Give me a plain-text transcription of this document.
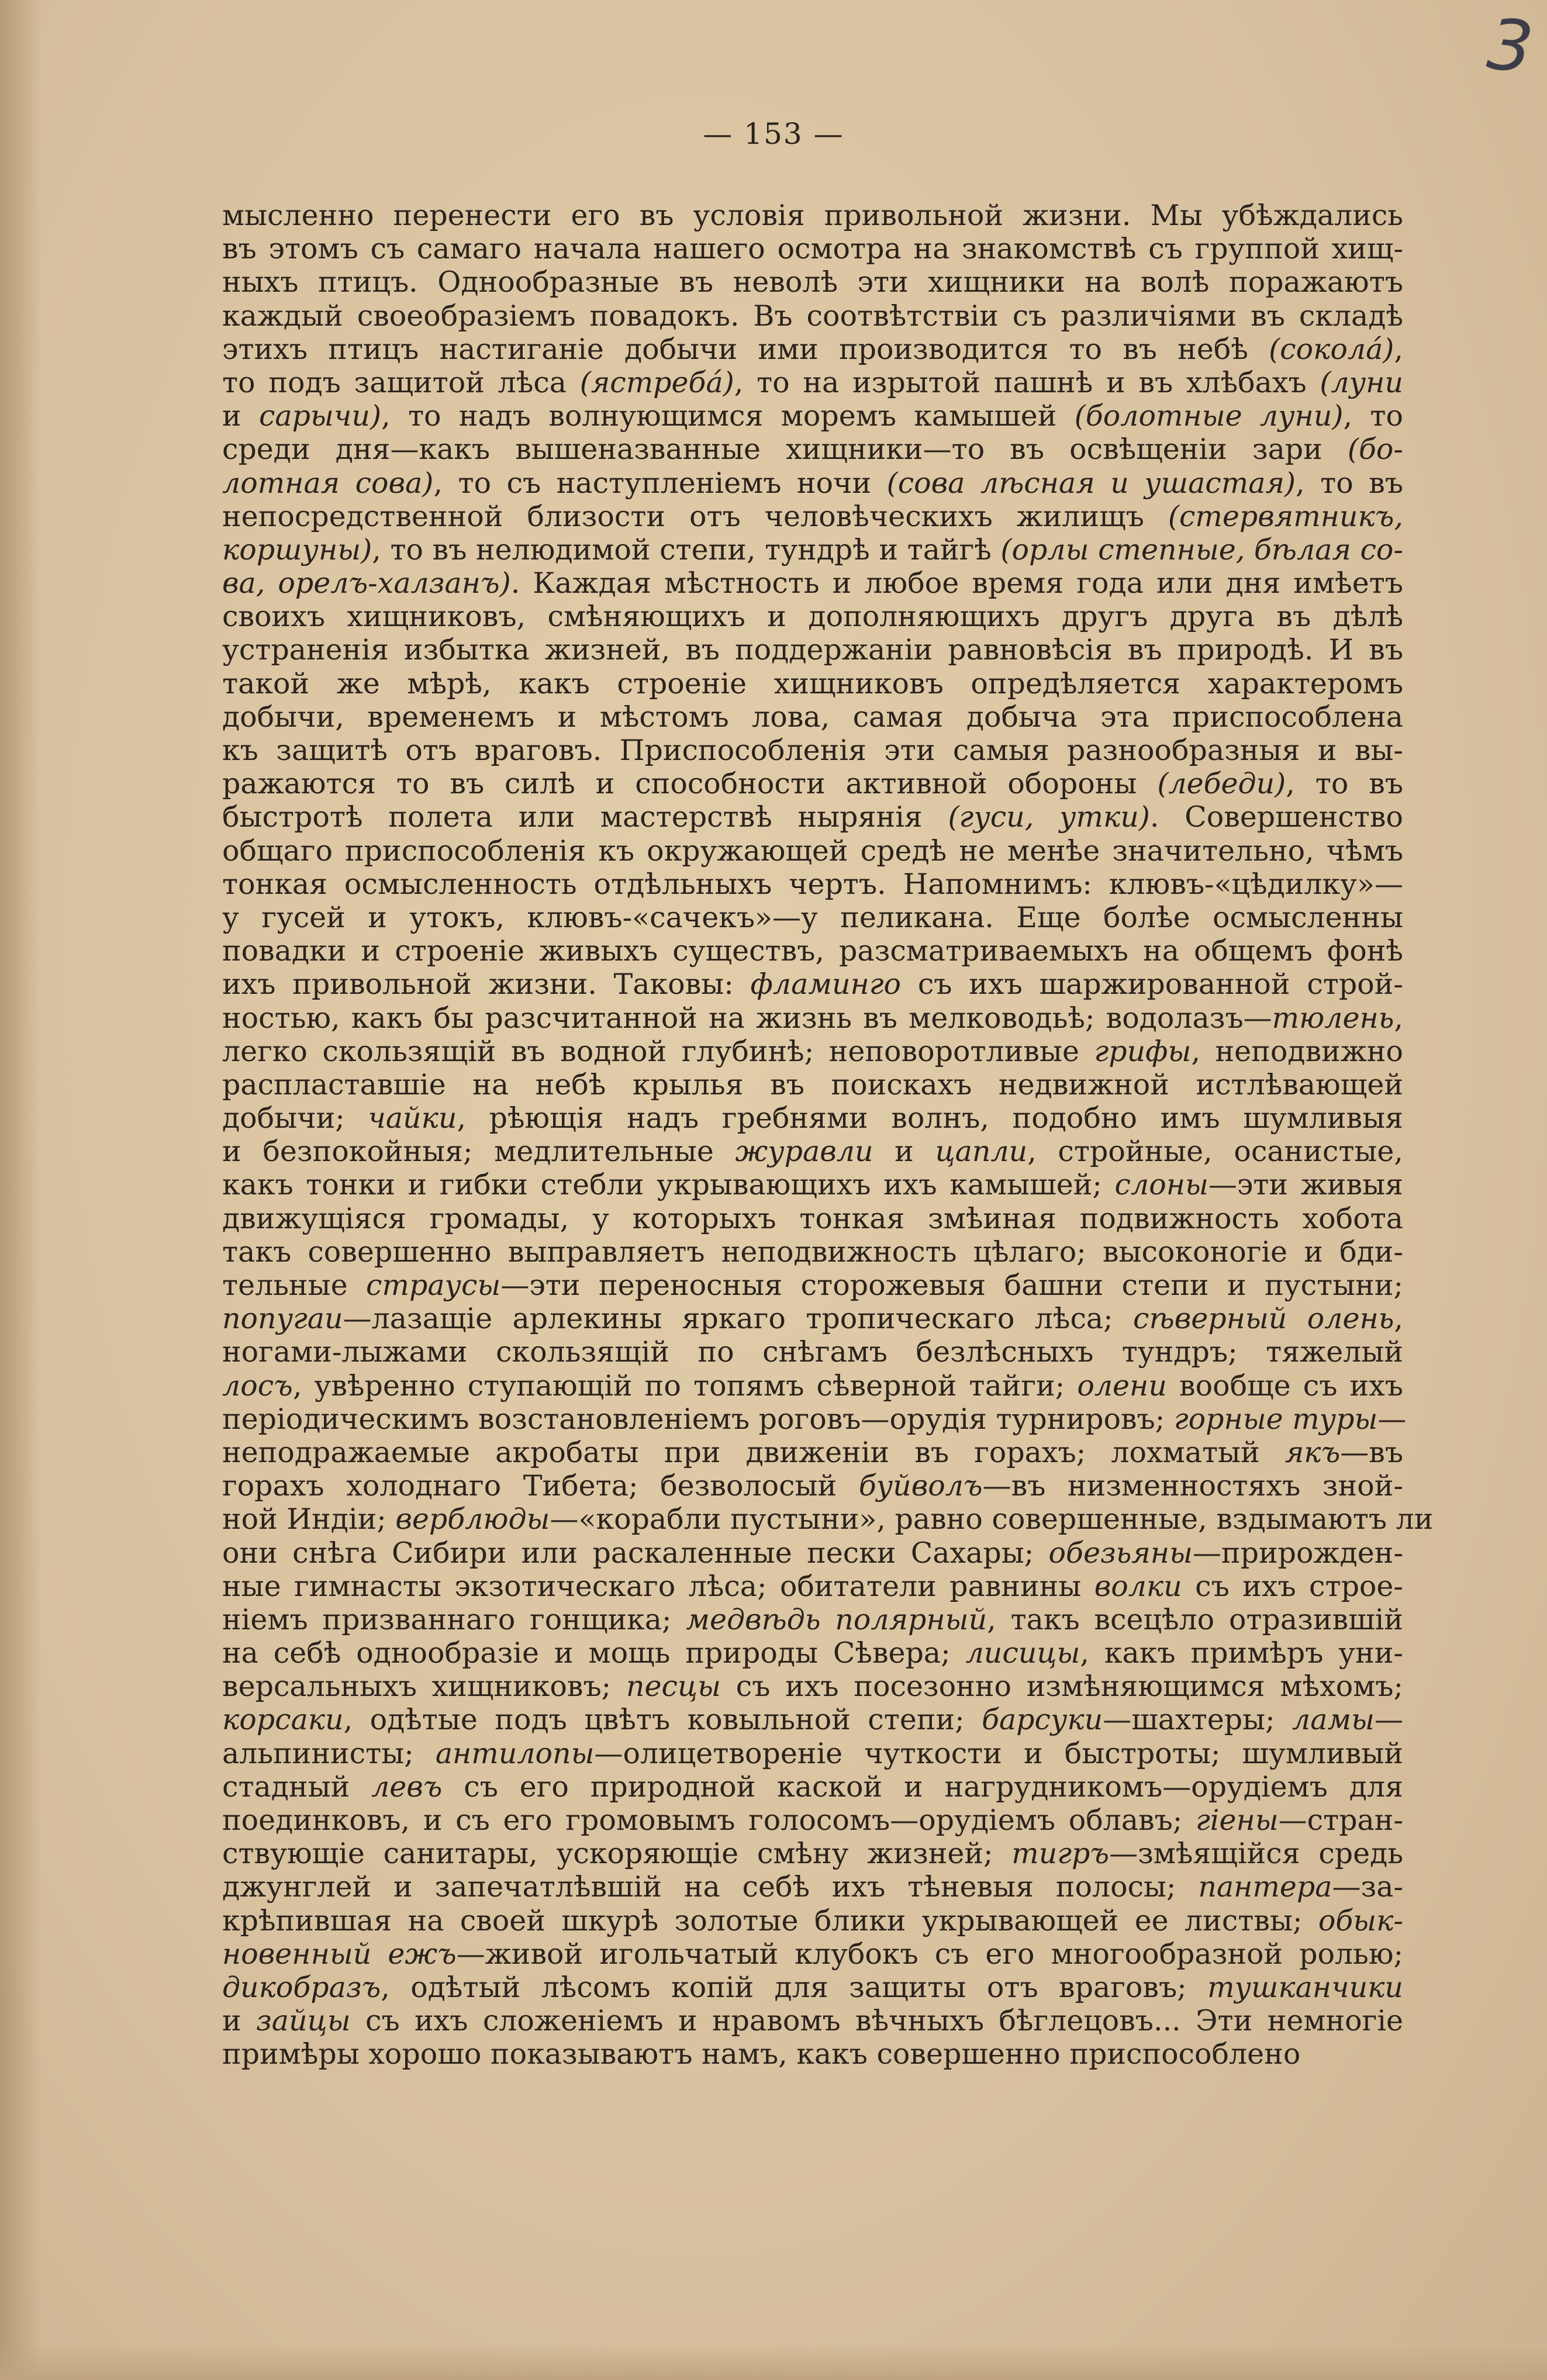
3
— 153 —
мысленно перенести его въ условія привольной жизни. Мы убѣждались
въ этомъ съ самаго начала нашего осмотра на знакомствѣ съ группой хищ-
ныхъ птицъ. Однообразные въ неволѣ эти хищники на волѣ поражаютъ
каждый своеобразіемъ повадокъ. Въ соотвѣтствіи съ различіями въ складѣ
этихъ птицъ настиганіе добычи ими производится то въ небѣ (соколá),
то подъ защитой лѣса (ястребá), то на изрытой пашнѣ и въ хлѣбахъ (луни
и сарычи), то надъ волнующимся моремъ камышей (болотные луни), то
среди дня—какъ вышеназванные хищники—то въ освѣщеніи зари (бо-
лотная сова), то съ наступленіемъ ночи (сова лѣсная и ушастая), то въ
непосредственной близости отъ человѣческихъ жилищъ (стервятникъ,
коршуны), то въ нелюдимой степи, тундрѣ и тайгѣ (орлы степные, бѣлая со-
ва, орелъ-халзанъ). Каждая мѣстность и любое время года или дня имѣетъ
своихъ хищниковъ, смѣняющихъ и дополняющихъ другъ друга въ дѣлѣ
устраненія избытка жизней, въ поддержаніи равновѣсія въ природѣ. И въ
такой же мѣрѣ, какъ строеніе хищниковъ опредѣляется характеромъ
добычи, временемъ и мѣстомъ лова, самая добыча эта приспособлена
къ защитѣ отъ враговъ. Приспособленія эти самыя разнообразныя и вы-
ражаются то въ силѣ и способности активной обороны (лебеди), то въ
быстротѣ полета или мастерствѣ нырянія (гуси, утки). Совершенство
общаго приспособленія къ окружающей средѣ не менѣе значительно, чѣмъ
тонкая осмысленность отдѣльныхъ чертъ. Напомнимъ: клювъ-«цѣдилку»—
у гусей и утокъ, клювъ-«сачекъ»—у пеликана. Еще болѣе осмысленны
повадки и строеніе живыхъ существъ, разсматриваемыхъ на общемъ фонѣ
ихъ привольной жизни. Таковы: фламинго съ ихъ шаржированной строй-
ностью, какъ бы разсчитанной на жизнь въ мелководьѣ; водолазъ—тюлень,
легко скользящій въ водной глубинѣ; неповоротливые грифы, неподвижно
распластавшіе на небѣ крылья въ поискахъ недвижной истлѣвающей
добычи; чайки, рѣющія надъ гребнями волнъ, подобно имъ шумливыя
и безпокойныя; медлительные журавли и цапли, стройные, осанистые,
какъ тонки и гибки стебли укрывающихъ ихъ камышей; слоны—эти живыя
движущіяся громады, у которыхъ тонкая змѣиная подвижность хобота
такъ совершенно выправляетъ неподвижность цѣлаго; высоконогіе и бди-
тельные страусы—эти переносныя сторожевыя башни степи и пустыни;
попугаи—лазащіе арлекины яркаго тропическаго лѣса; сѣверный олень,
ногами-лыжами скользящій по снѣгамъ безлѣсныхъ тундръ; тяжелый
лосъ, увѣренно ступающій по топямъ сѣверной тайги; олени вообще съ ихъ
періодическимъ возстановленіемъ роговъ—орудія турнировъ; горные туры—
неподражаемые акробаты при движеніи въ горахъ; лохматый якъ—въ
горахъ холоднаго Тибета; безволосый буйволъ—въ низменностяхъ зной-
ной Индіи; верблюды—«корабли пустыни», равно совершенные, вздымаютъ ли
они снѣга Сибири или раскаленные пески Сахары; обезьяны—прирожден-
ные гимнасты экзотическаго лѣса; обитатели равнины волки съ ихъ строе-
ніемъ призваннаго гонщика; медвѣдь полярный, такъ всецѣло отразившій
на себѣ однообразіе и мощь природы Сѣвера; лисицы, какъ примѣръ уни-
версальныхъ хищниковъ; песцы съ ихъ посезонно измѣняющимся мѣхомъ;
корсаки, одѣтые подъ цвѣтъ ковыльной степи; барсуки—шахтеры; ламы—
альпинисты; антилопы—олицетвореніе чуткости и быстроты; шумливый
стадный левъ съ его природной каской и нагрудникомъ—орудіемъ для
поединковъ, и съ его громовымъ голосомъ—орудіемъ облавъ; гіены—стран-
ствующіе санитары, ускоряющіе смѣну жизней; тигръ—змѣящійся средь
джунглей и запечатлѣвшій на себѣ ихъ тѣневыя полосы; пантера—за-
крѣпившая на своей шкурѣ золотые блики укрывающей ее листвы; обык-
новенный ежъ—живой игольчатый клубокъ съ его многообразной ролью;
дикобразъ, одѣтый лѣсомъ копій для защиты отъ враговъ; тушканчики
и зайцы съ ихъ сложеніемъ и нравомъ вѣчныхъ бѣглецовъ... Эти немногіе
примѣры хорошо показываютъ намъ, какъ совершенно приспособлено
